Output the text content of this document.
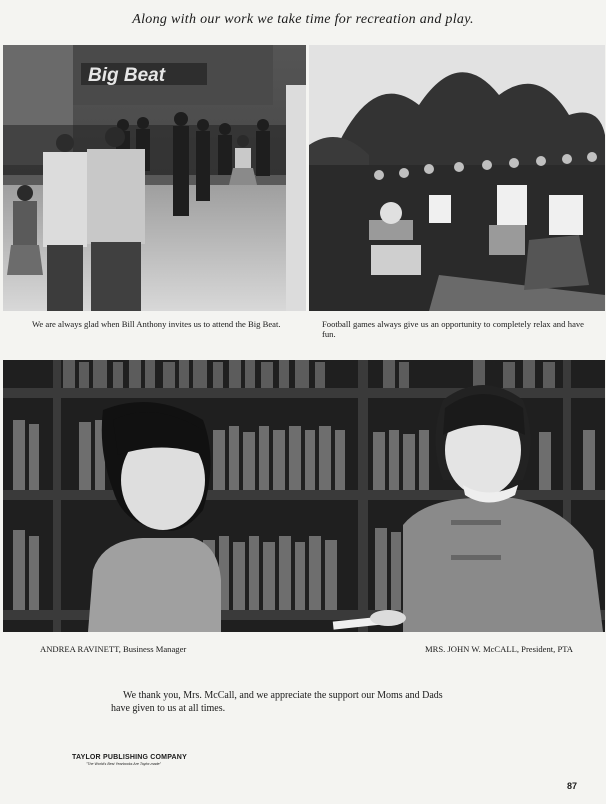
Along with our work we take time for recreation and play.
Big Beat
We are always glad when Bill Anthony invites us to attend the Big Beat.	Football games always give us an opportunity to completely relax and have fun.
ANDREA RAVINETT, Business Manager	MRS. JOHN W. McCALL, President, PTA
We thank you, Mrs. McCall, and we appreciate the support our Moms and Dads
have given to us at all times.
TAYLOR PUBLISHING COMPANY
"The World's Best Yearbooks Are Taylor-made"
87
